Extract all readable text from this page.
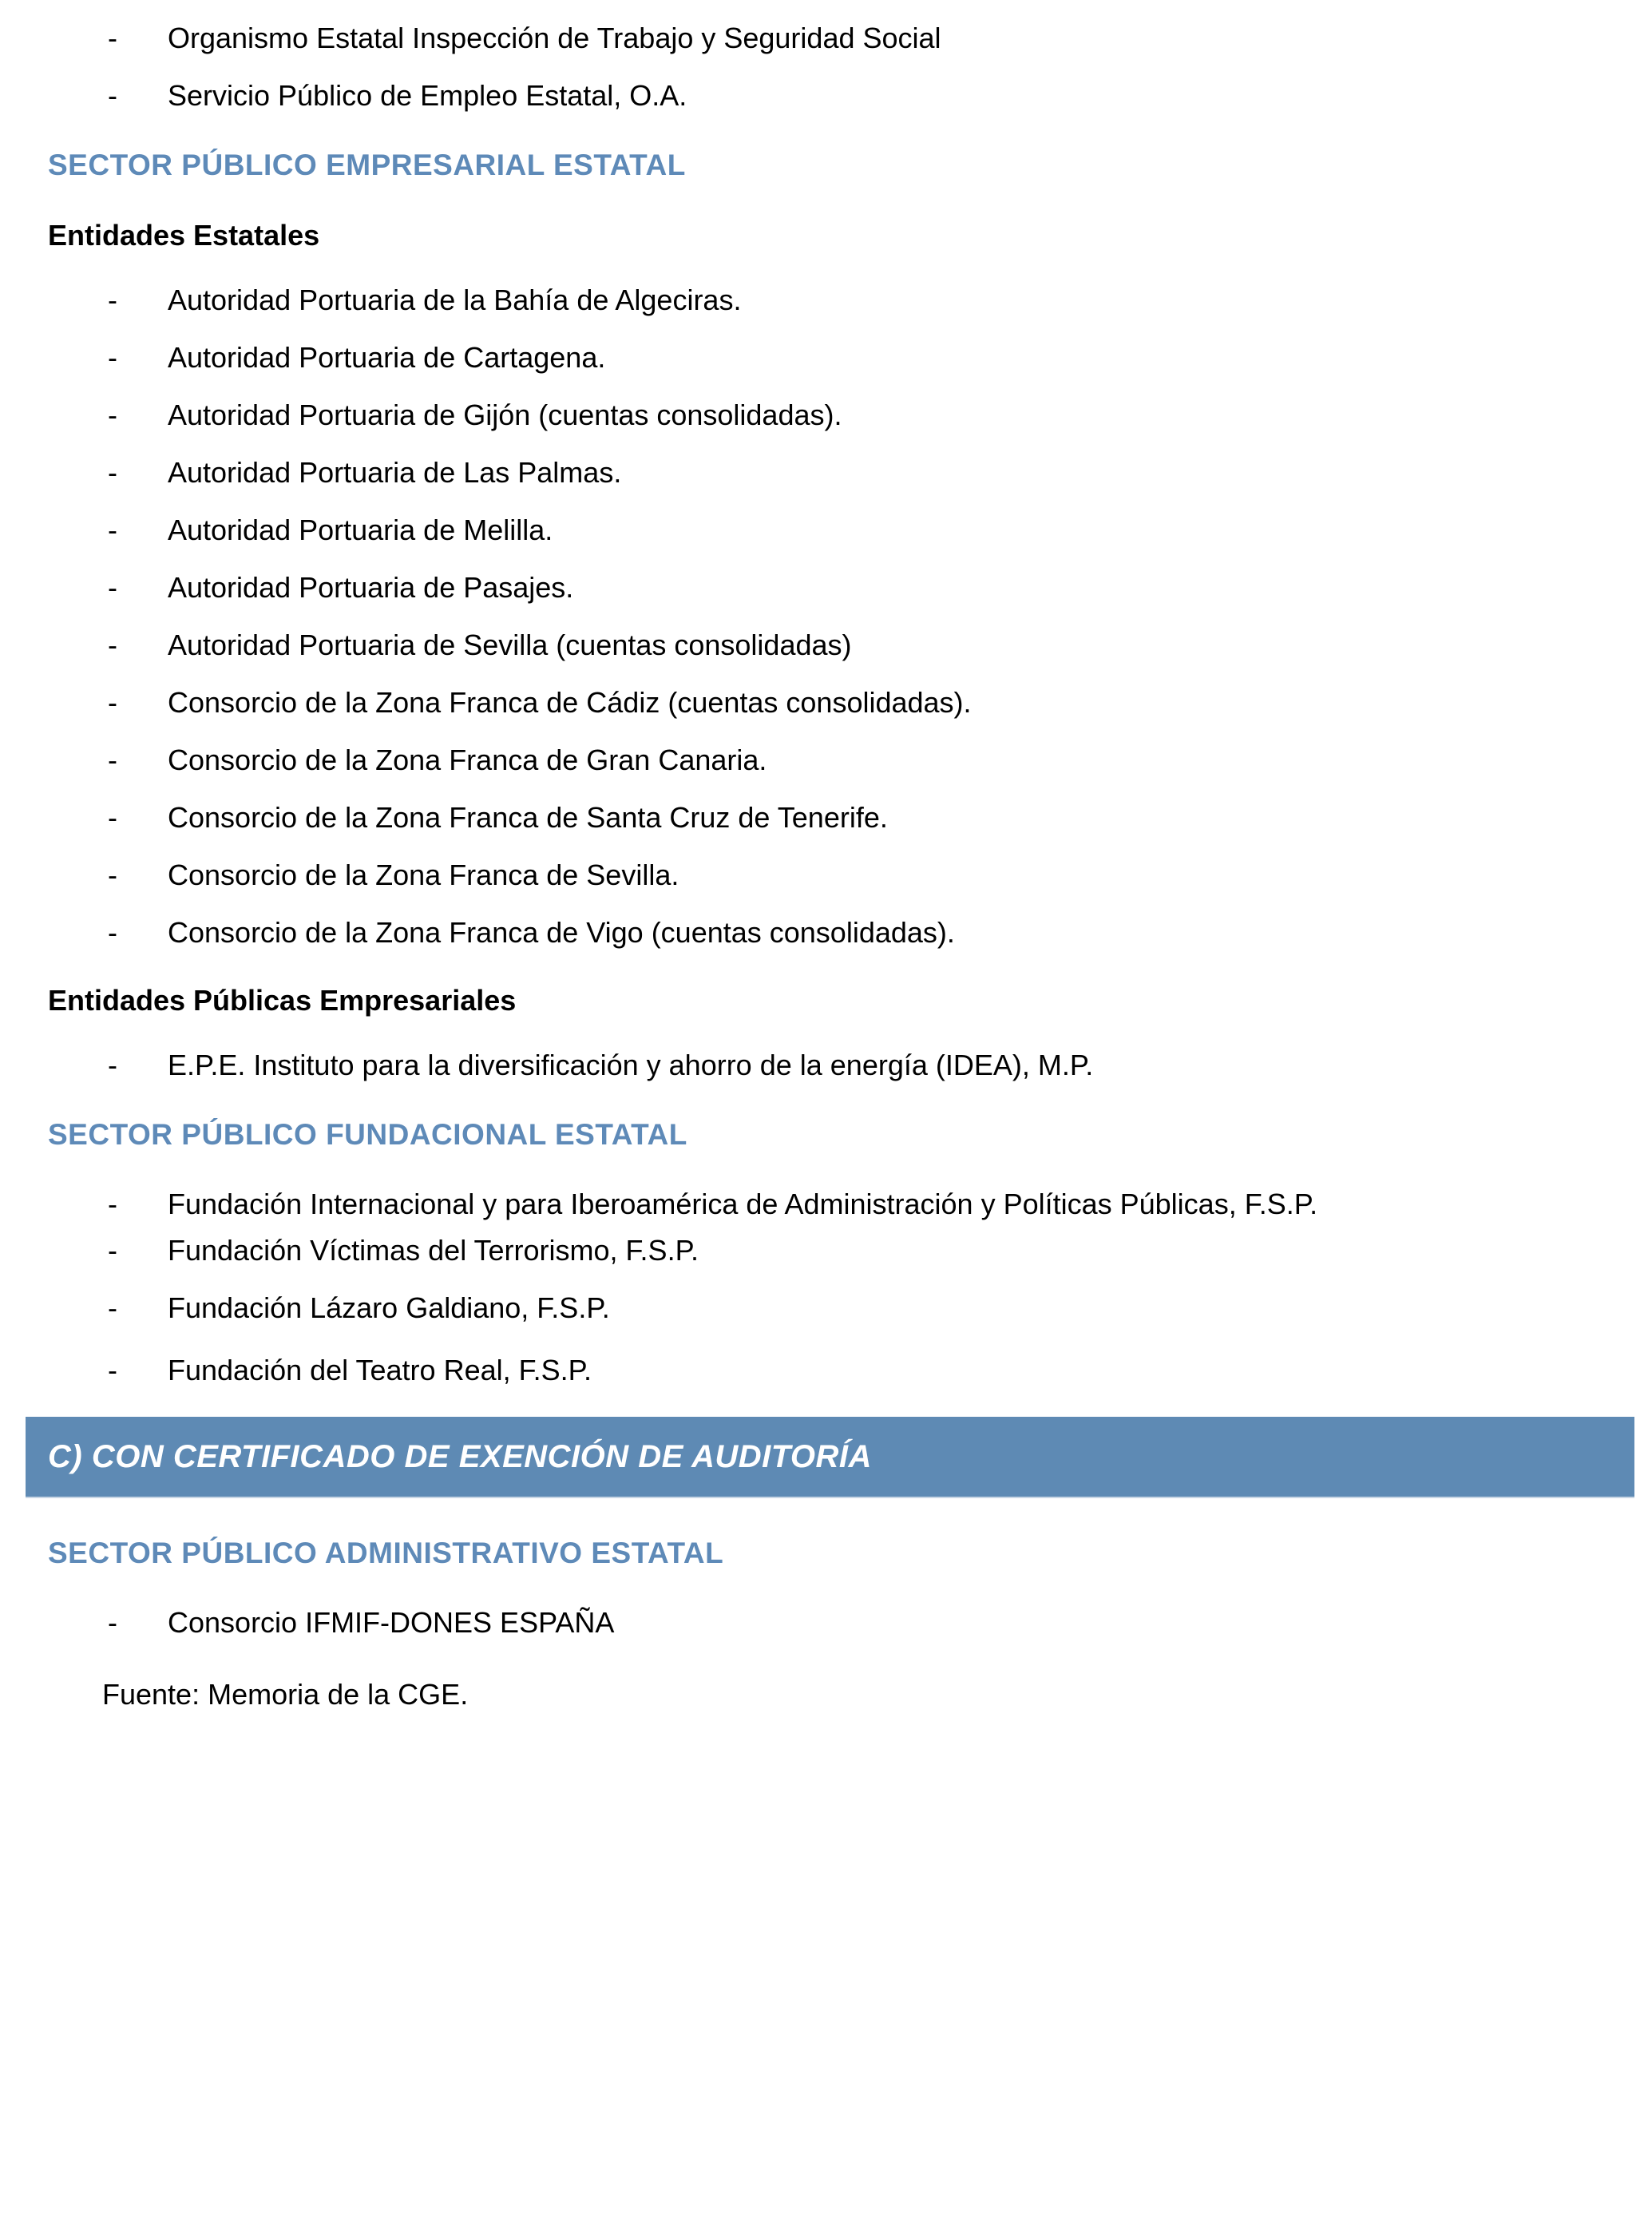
-	Organismo Estatal Inspección de Trabajo y Seguridad Social
-	Servicio Público de Empleo Estatal, O.A.
SECTOR PÚBLICO EMPRESARIAL ESTATAL
Entidades Estatales
-	Autoridad Portuaria de la Bahía de Algeciras.
-	Autoridad Portuaria de Cartagena.
-	Autoridad Portuaria de Gijón (cuentas consolidadas).
-	Autoridad Portuaria de Las Palmas.
-	Autoridad Portuaria de Melilla.
-	Autoridad Portuaria de Pasajes.
-	Autoridad Portuaria de Sevilla (cuentas consolidadas)
-	Consorcio de la Zona Franca de Cádiz (cuentas consolidadas).
-	Consorcio de la Zona Franca de Gran Canaria.
-	Consorcio de la Zona Franca de Santa Cruz de Tenerife.
-	Consorcio de la Zona Franca de Sevilla.
-	Consorcio de la Zona Franca de Vigo (cuentas consolidadas).
Entidades Públicas Empresariales
-	E.P.E. Instituto para la diversificación y ahorro de la energía (IDEA), M.P.
SECTOR PÚBLICO FUNDACIONAL ESTATAL
-	Fundación Internacional y para Iberoamérica de Administración y Políticas Públicas, F.S.P.
-	Fundación Víctimas del Terrorismo, F.S.P.
-	Fundación Lázaro Galdiano, F.S.P.
-	Fundación del Teatro Real, F.S.P.
C) CON CERTIFICADO DE EXENCIÓN DE AUDITORÍA
SECTOR PÚBLICO ADMINISTRATIVO ESTATAL
-	Consorcio IFMIF-DONES ESPAÑA
Fuente: Memoria de la CGE.
